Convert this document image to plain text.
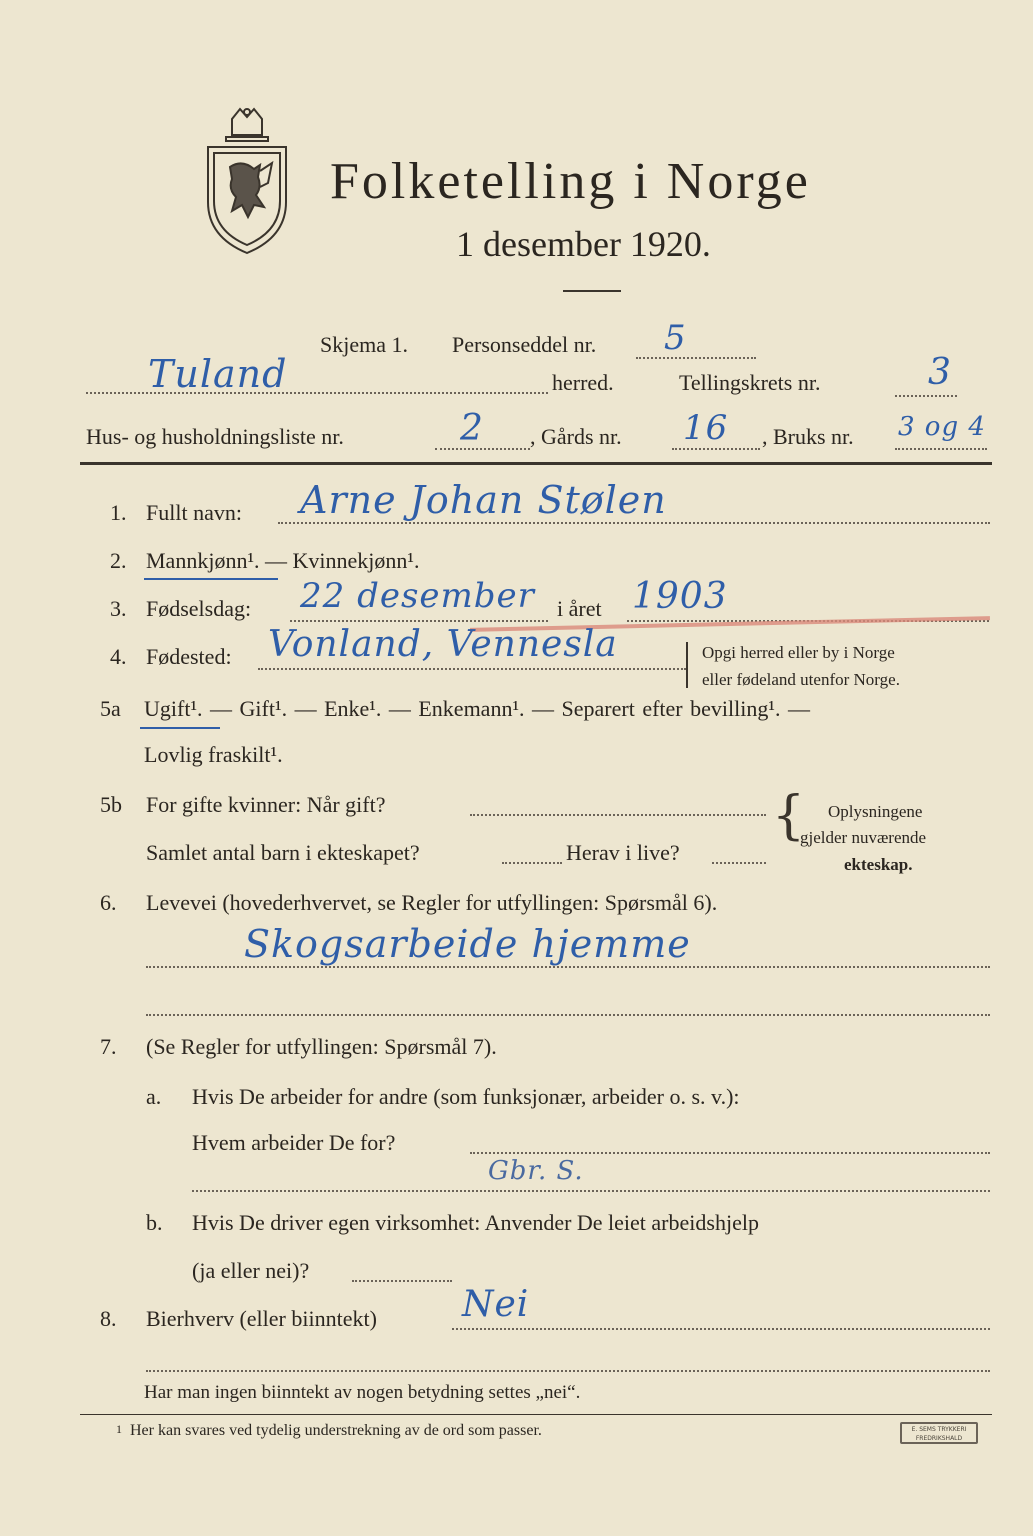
Folketelling i Norge
1 desember 1920.
Skjema 1. Personseddel nr. 5
Tuland	herred.	Tellingskrets nr.	3
Hus- og husholdningsliste nr.	2 , Gårds nr. 16 , Bruks nr. 3 og 4
1. Fullt navn: Arne Johan Stølen
2. Mannkjønn¹. — Kvinnekjønn¹.
3. Fødselsdag: 22 desember i året 1903
4. Fødested: Vonland, Vennesla	Opgi herred eller by i Norge
eller fødeland utenfor Norge.
5a Ugift¹. — Gift¹. — Enke¹. — Enkemann¹. — Separert efter bevilling¹. —
Lovlig fraskilt¹.
5b For gifte kvinner: Når gift?
Samlet antal barn i ekteskapet?	Herav i live?
{ Oplysningene
gjelder nuværende
ekteskap.
6. Levevei (hovederhvervet, se Regler for utfyllingen: Spørsmål 6).
Skogsarbeide hjemme
7. (Se Regler for utfyllingen: Spørsmål 7).
a. Hvis De arbeider for andre (som funksjonær, arbeider o. s. v.):
Hvem arbeider De for?
Gbr. S.
b. Hvis De driver egen virksomhet: Anvender De leiet arbeidshjelp
(ja eller nei)?
8. Bierhverv (eller biinntekt) Nei
Har man ingen biinntekt av nogen betydning settes „nei“.
1 Her kan svares ved tydelig understrekning av de ord som passer.	E. SEMS TRYKKERI FREDRIKSHALD
